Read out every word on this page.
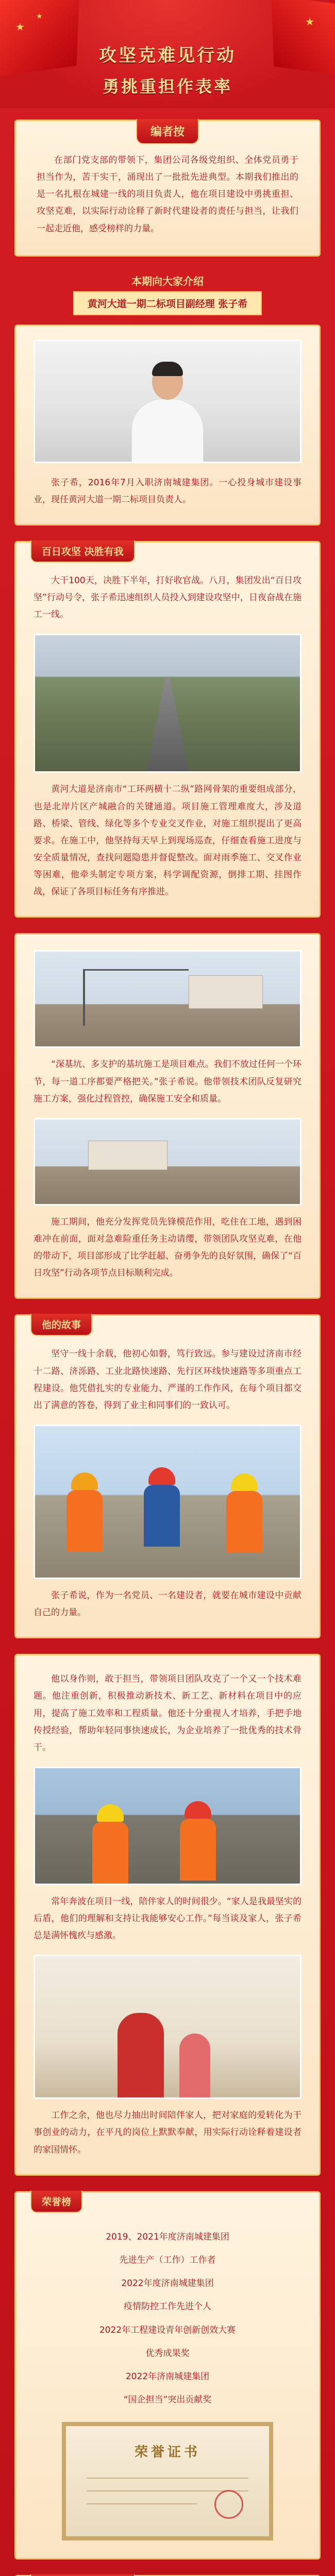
★
★	★
攻坚克难见行动
勇挑重担作表率
编者按

在部门党支部的带领下，集团公司各级党组织、全体党员勇于担当作为，苦干实干，涌现出了一批批先进典型。本期我们推出的是一名扎根在城建一线的项目负责人，他在项目建设中勇挑重担、攻坚克难，以实际行动诠释了新时代建设者的责任与担当，让我们一起走近他，感受榜样的力量。

本期向大家介绍
黄河大道一期二标项目副经理 张子希

张子希，2016年7月入职济南城建集团。一心投身城市建设事业，现任黄河大道一期二标项目负责人。

百日攻坚 决胜有我

大干100天，决胜下半年，打好收官战。八月，集团发出“百日攻坚”行动号令，张子希迅速组织人员投入到建设攻坚中，日夜奋战在施工一线。

黄河大道是济南市“工环两横十二纵”路网骨架的重要组成部分，也是北岸片区产城融合的关键通道。项目施工管理难度大，涉及道路、桥梁、管线、绿化等多个专业交叉作业，对施工组织提出了更高要求。在施工中，他坚持每天早上到现场巡查，仔细查看施工进度与安全质量情况，查找问题隐患并督促整改。面对雨季施工、交叉作业等困难，他牵头制定专项方案，科学调配资源，倒排工期、挂图作战，保证了各项目标任务有序推进。

“深基坑、多支护的基坑施工是项目难点。我们不放过任何一个环节，每一道工序都要严格把关。”张子希说。他带领技术团队反复研究施工方案，强化过程管控，确保施工安全和质量。

施工期间，他充分发挥党员先锋模范作用，吃住在工地，遇到困难冲在前面，面对急难险重任务主动请缨，带领团队攻坚克难，在他的带动下，项目部形成了比学赶超、奋勇争先的良好氛围，确保了“百日攻坚”行动各项节点目标顺利完成。

他的故事

坚守一线十余载，他初心如磐，笃行致远。参与建设过济南市经十二路、济泺路、工业北路快速路、先行区环线快速路等多项重点工程建设。他凭借扎实的专业能力、严谨的工作作风，在每个项目都交出了满意的答卷，得到了业主和同事们的一致认可。

张子希说，作为一名党员、一名建设者，就要在城市建设中贡献自己的力量。

他以身作则，敢于担当，带领项目团队攻克了一个又一个技术难题。他注重创新，积极推动新技术、新工艺、新材料在项目中的应用，提高了施工效率和工程质量。他还十分重视人才培养，手把手地传授经验，帮助年轻同事快速成长，为企业培养了一批优秀的技术骨干。

常年奔波在项目一线，陪伴家人的时间很少。“家人是我最坚实的后盾，他们的理解和支持让我能够安心工作。”每当谈及家人，张子希总是满怀愧疚与感激。

工作之余，他也尽力抽出时间陪伴家人，把对家庭的爱转化为干事创业的动力，在平凡的岗位上默默奉献，用实际行动诠释着建设者的家国情怀。

荣誉榜
2019、2021年度济南城建集团
先进生产（工作）工作者
2022年度济南城建集团
疫情防控工作先进个人
2022年工程建设青年创新创效大赛
优秀成果奖
2022年济南城建集团
“国企担当”突出贡献奖
荣誉证书
